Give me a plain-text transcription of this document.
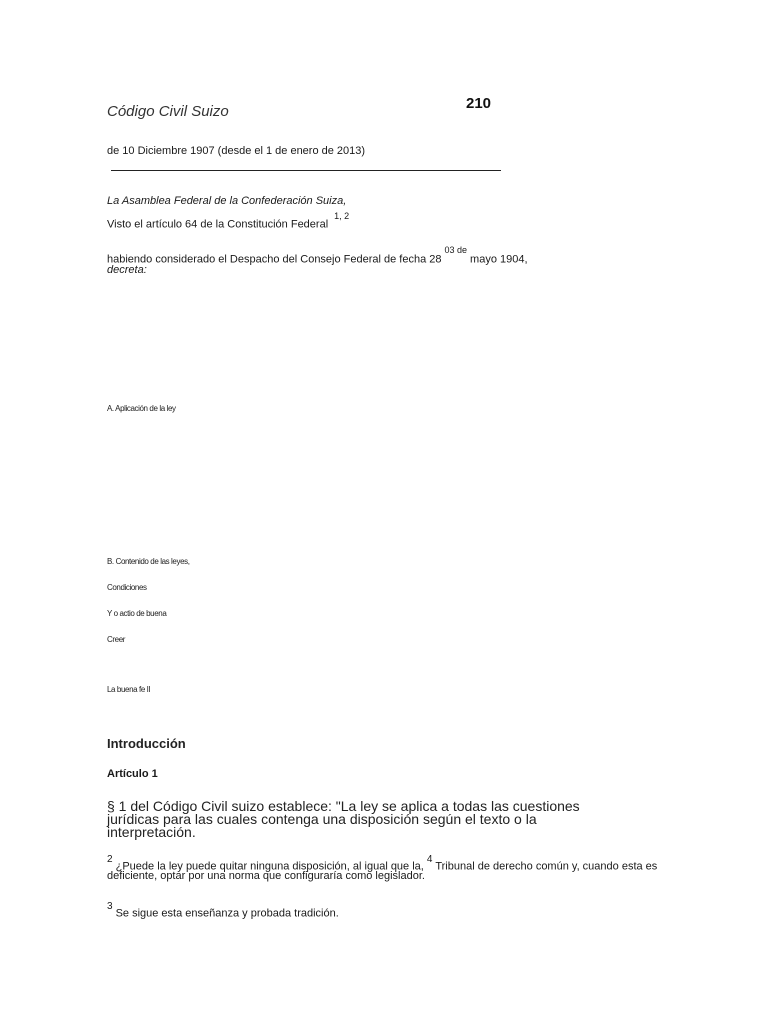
Código Civil Suizo	210
de 10 Diciembre 1907 (desde el 1 de enero de 2013)
La Asamblea Federal de la Confederación Suiza,
Visto el artículo 64 de la Constitución Federal$^{1, 2}$
habiendo considerado el Despacho del Consejo Federal de fecha $28^{03 de}mayo$ 1904,
decreta:
A. Aplicación de la ley
B. Contenido de las leyes,
Condiciones
Y o actio de buena
Creer
La buena fe II
Introducción
Artículo 1
§ 1 del Código Civil suizo establece: "La ley se aplica a todas las cuestiones jurídicas para las cuales contenga una disposición según el texto o la interpretación.
$^2$ ¿Puede la ley puede quitar ninguna disposición, al igual que la, $^4$ Tribunal de derecho común y, cuando esta es deficiente, optar por una norma que configuraría como legislador.
$^3$Se sigue esta enseñanza y probada tradición.
